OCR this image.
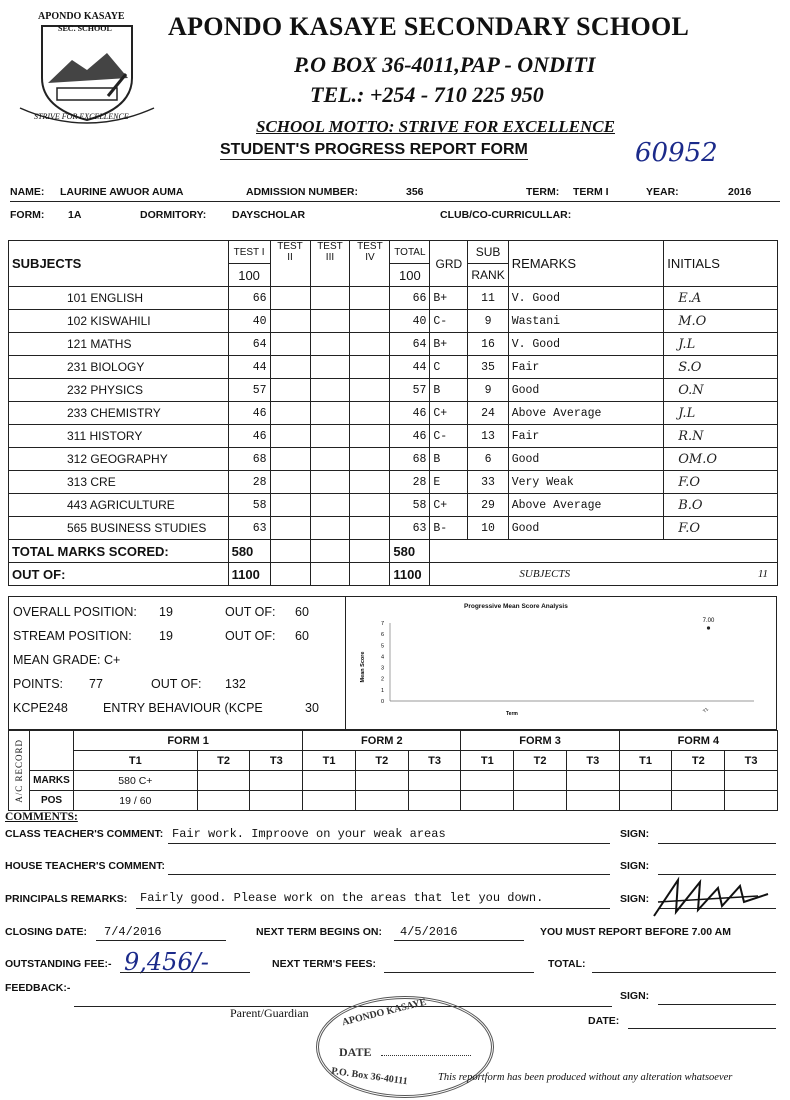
APONDO KASAYE
SEC. SCHOOL
STRIVE FOR EXCELLENCE
APONDO KASAYE SECONDARY SCHOOL
P.O BOX 36-4011,PAP - ONDITI
TEL.: +254 - 710 225 950
SCHOOL MOTTO: STRIVE FOR EXCELLENCE
STUDENT'S PROGRESS REPORT FORM	60952
NAME: LAURINE AWUOR AUMA	ADMISSION NUMBER:	356	TERM: TERM I	YEAR:	2016
FORM: 1A	DORMITORY: DAYSCHOLAR	CLUB/CO-CURRICULLAR:
SUBJECTS	TEST I	TEST II	TEST III	TEST IV	TOTAL	GRD	SUB	REMARKS	INITIALS
	100				100		RANK		
101 ENGLISH	66				66	B+	11	V. Good	E.A
102 KISWAHILI	40				40	C-	9	Wastani	M.O
121 MATHS	64				64	B+	16	V. Good	J.L
231 BIOLOGY	44				44	C	35	Fair	S.O
232 PHYSICS	57				57	B	9	Good	O.N
233 CHEMISTRY	46				46	C+	24	Above Average	J.L
311 HISTORY	46				46	C-	13	Fair	R.N
312 GEOGRAPHY	68				68	B	6	Good	OM.O
313 CRE	28				28	E	33	Very Weak	F.O
443 AGRICULTURE	58				58	C+	29	Above Average	B.O
565 BUSINESS STUDIES	63				63	B-	10	Good	F.O
TOTAL MARKS SCORED:	580				580				
OUT OF:	1100				1100	SUBJECTS 11			
OVERALL POSITION: 19	OUT OF:	60
STREAM POSITION: 19	OUT OF:	60
MEAN GRADE: C+
POINTS: 77	OUT OF:	132
KCPE:
248	ENTRY BEHAVIOUR (KCPE	30
Progressive Mean Score Analysis
0
1
2
3
4
5
6
7
Mean Score
Term
7.00
T1
A/C RECORD		FORM 1			FORM 2			FORM 3			FORM 4		
		T1	T2	T3	T1	T2	T3	T1	T2	T3	T1	T2	T3
	MARKS	580 C+											
	POS	19 / 60											
COMMENTS:
CLASS TEACHER'S COMMENT: Fair work. Improove on your weak areas	SIGN:
HOUSE TEACHER'S COMMENT:	SIGN:
PRINCIPALS REMARKS: Fairly good. Please work on the areas that let you down.	SIGN:
CLOSING DATE: 7/4/2016	NEXT TERM BEGINS ON: 4/5/2016	YOU MUST REPORT BEFORE 7.00 AM
OUTSTANDING FEE:- 9,456/-	NEXT TERM'S FEES:	TOTAL:
FEEDBACK:-
SIGN:
Parent/Guardian
DATE:
APONDO KASAYE
DATE
P.O. Box 36-40111	This reportform has been produced without any alteration whatsoever
